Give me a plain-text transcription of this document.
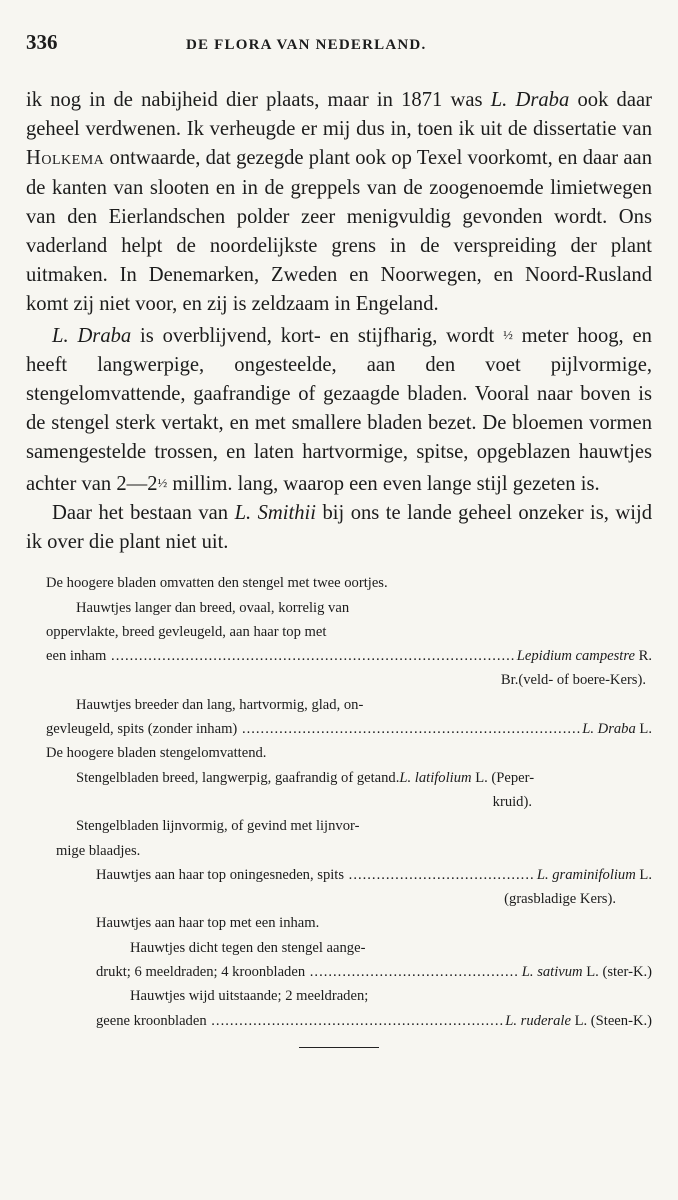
336	DE FLORA VAN NEDERLAND.

ik nog in de nabijheid dier plaats, maar in 1871 was L. Draba ook daar geheel verdwenen. Ik verheugde er mij dus in, toen ik uit de dissertatie van Holkema ontwaarde, dat gezegde plant ook op Texel voorkomt, en daar aan de kanten van slooten en in de greppels van de zoogenoemde limietwegen van den Eierlandschen polder zeer menigvuldig gevonden wordt. Ons vaderland helpt de noordelijkste grens in de verspreiding der plant uitmaken. In Denemarken, Zweden en Noorwegen, en Noord-Rusland komt zij niet voor, en zij is zeldzaam in Engeland.

L. Draba is overblijvend, kort- en stijfharig, wordt ½ meter hoog, en heeft langwerpige, ongesteelde, aan den voet pijlvormige, stengelomvattende, gaafrandige of gezaagde bladen. Vooral naar boven is de stengel sterk vertakt, en met smallere bladen bezet. De bloemen vormen samengestelde trossen, en laten hartvormige, spitse, opgeblazen hauwtjes achter van 2—2½ millim. lang, waarop een even lange stijl gezeten is.

Daar het bestaan van L. Smithii bij ons te lande geheel onzeker is, wijd ik over die plant niet uit.

De hoogere bladen omvatten den stengel met twee oortjes.
Hauwtjes langer dan breed, ovaal, korrelig van
oppervlakte, breed gevleugeld, aan haar top met
een inham .....	Lepidium campestre R.
Br.(veld- of boere-Kers).
Hauwtjes breeder dan lang, hartvormig, glad, on-
gevleugeld, spits (zonder inham) .....	L. Draba L.
De hoogere bladen stengelomvattend.
Stengelbladen breed, langwerpig, gaafrandig of getand.L. latifolium L. (Peper-
kruid).
Stengelbladen lijnvormig, of gevind met lijnvor-
mige blaadjes.
Hauwtjes aan haar top oningesneden, spits .....	L. graminifolium L.
(grasbladige Kers).
Hauwtjes aan haar top met een inham.
Hauwtjes dicht tegen den stengel aange-
drukt; 6 meeldraden; 4 kroonbladen .....	L. sativum L. (ster-K.)
Hauwtjes wijd uitstaande; 2 meeldraden;
geene kroonbladen .....	L. ruderale L. (Steen-K.)
